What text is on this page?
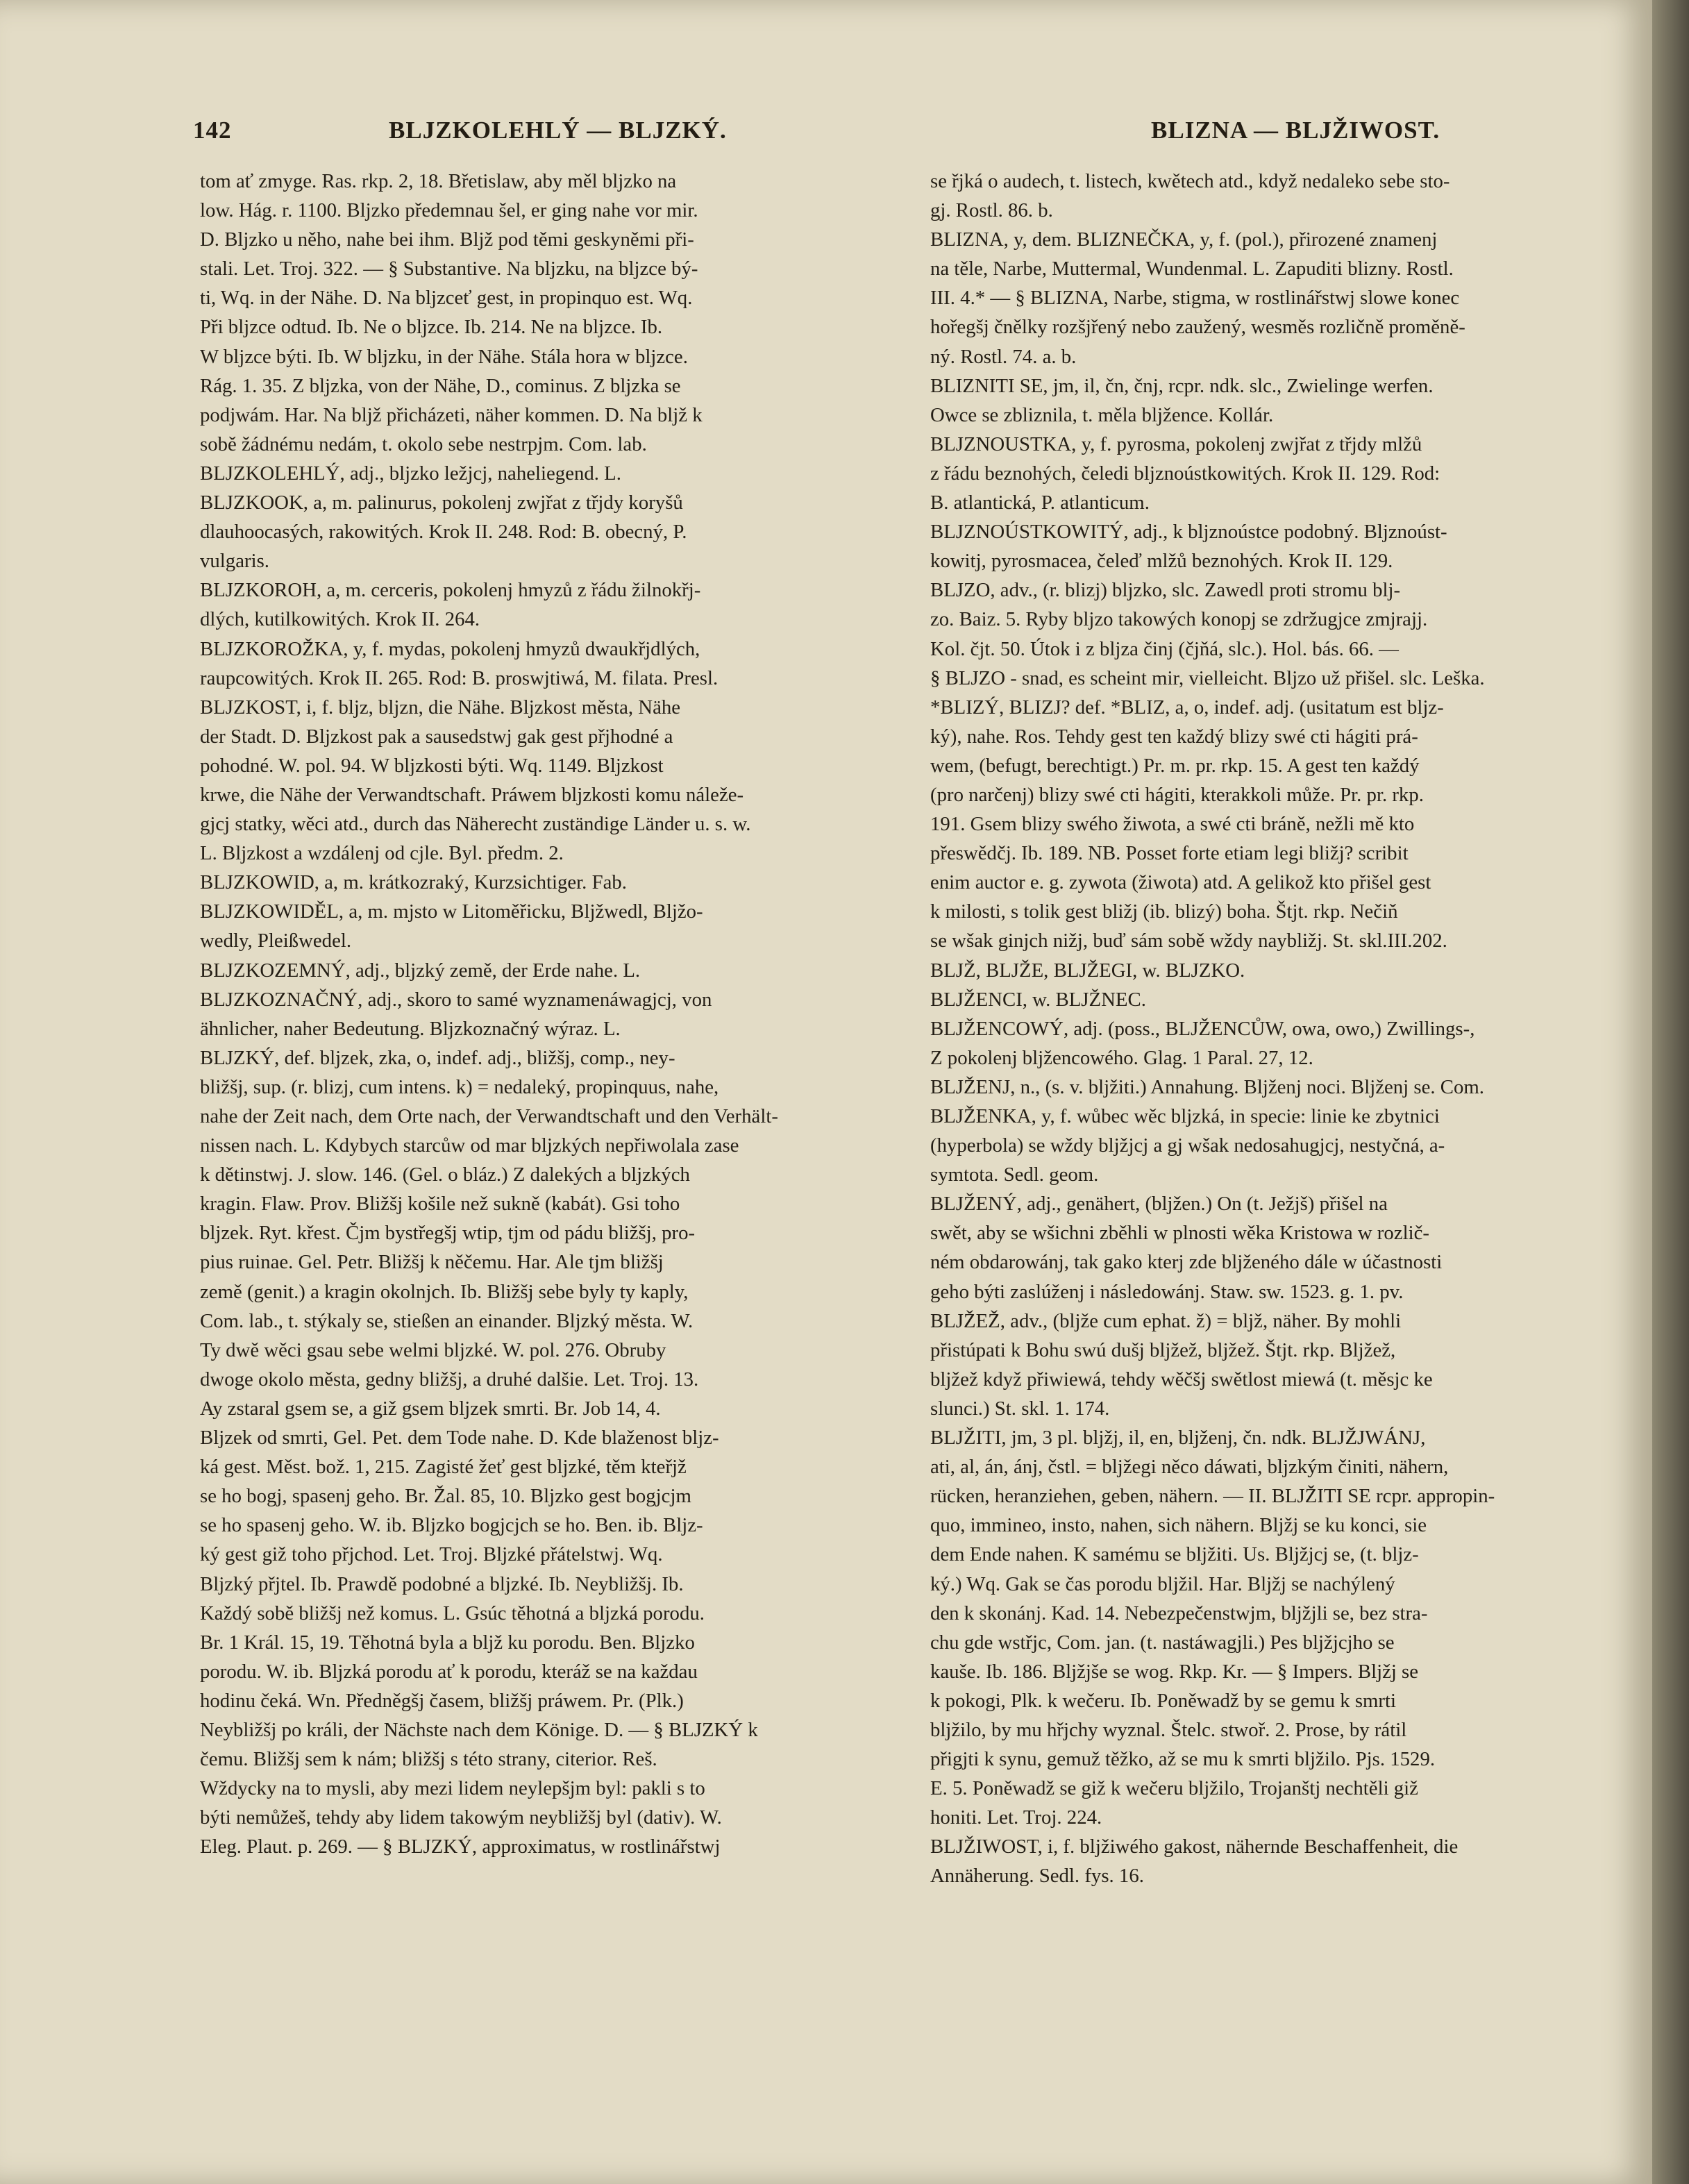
142	BLJZKOLEHLÝ — BLJZKÝ.	BLIZNA — BLJŽIWOST.

tom ať zmyge. Ras. rkp. 2, 18. Břetislaw, aby měl bljzko na

low. Hág. r. 1100. Bljzko předemnau šel, er ging nahe vor mir.

D. Bljzko u něho, nahe bei ihm. Bljž pod těmi geskyněmi při-

stali. Let. Troj. 322. — § Substantive. Na bljzku, na bljzce bý-

ti, Wq. in der Nähe. D. Na bljzceť gest, in propinquo est. Wq.

Při bljzce odtud. Ib. Ne o bljzce. Ib. 214. Ne na bljzce. Ib.

W bljzce býti. Ib. W bljzku, in der Nähe. Stála hora w bljzce.

Rág. 1. 35. Z bljzka, von der Nähe, D., cominus. Z bljzka se

podjwám. Har. Na bljž přicházeti, näher kommen. D. Na bljž k

sobě žádnému nedám, t. okolo sebe nestrpjm. Com. lab.

BLJZKOLEHLÝ, adj., bljzko ležjcj, naheliegend. L.

BLJZKOOK, a, m. palinurus, pokolenj zwjřat z třjdy koryšů

dlauhoocasých, rakowitých. Krok II. 248. Rod: B. obecný, P.

vulgaris.

BLJZKOROH, a, m. cerceris, pokolenj hmyzů z řádu žilnokřj-

dlých, kutilkowitých. Krok II. 264.

BLJZKOROŽKA, y, f. mydas, pokolenj hmyzů dwaukřjdlých,

raupcowitých. Krok II. 265. Rod: B. proswjtiwá, M. filata. Presl.

BLJZKOST, i, f. bljz, bljzn, die Nähe. Bljzkost města, Nähe

der Stadt. D. Bljzkost pak a sausedstwj gak gest přjhodné a

pohodné. W. pol. 94. W bljzkosti býti. Wq. 1149. Bljzkost

krwe, die Nähe der Verwandtschaft. Práwem bljzkosti komu náleže-

gjcj statky, wěci atd., durch das Näherecht zuständige Länder u. s. w.

L. Bljzkost a wzdálenj od cjle. Byl. předm. 2.

BLJZKOWID, a, m. krátkozraký, Kurzsichtiger. Fab.

BLJZKOWIDĚL, a, m. mjsto w Litoměřicku, Bljžwedl, Bljžo-

wedly, Pleißwedel.

BLJZKOZEMNÝ, adj., bljzký země, der Erde nahe. L.

BLJZKOZNAČNÝ, adj., skoro to samé wyznamenáwagjcj, von

ähnlicher, naher Bedeutung. Bljzkoznačný wýraz. L.

BLJZKÝ, def. bljzek, zka, o, indef. adj., bližšj, comp., ney-

bližšj, sup. (r. blizj, cum intens. k) = nedaleký, propinquus, nahe,

nahe der Zeit nach, dem Orte nach, der Verwandtschaft und den Verhält-

nissen nach. L. Kdybych starcůw od mar bljzkých nepřiwolala zase

k dětinstwj. J. slow. 146. (Gel. o bláz.) Z dalekých a bljzkých

kragin. Flaw. Prov. Bližšj košile než sukně (kabát). Gsi toho

bljzek. Ryt. křest. Čjm bystřegšj wtip, tjm od pádu bližšj, pro-

pius ruinae. Gel. Petr. Bližšj k něčemu. Har. Ale tjm bližšj

země (genit.) a kragin okolnjch. Ib. Bližšj sebe byly ty kaply,

Com. lab., t. stýkaly se, stießen an einander. Bljzký města. W.

Ty dwě wěci gsau sebe welmi bljzké. W. pol. 276. Obruby

dwoge okolo města, gedny bližšj, a druhé dalšie. Let. Troj. 13.

Ay zstaral gsem se, a giž gsem bljzek smrti. Br. Job 14, 4.

Bljzek od smrti, Gel. Pet. dem Tode nahe. D. Kde blaženost bljz-

ká gest. Měst. bož. 1, 215. Zagisté žeť gest bljzké, těm kteřjž

se ho bogj, spasenj geho. Br. Žal. 85, 10. Bljzko gest bogjcjm

se ho spasenj geho. W. ib. Bljzko bogjcjch se ho. Ben. ib. Bljz-

ký gest giž toho přjchod. Let. Troj. Bljzké přátelstwj. Wq.

Bljzký přjtel. Ib. Prawdě podobné a bljzké. Ib. Neybližšj. Ib.

Každý sobě bližšj než komus. L. Gsúc těhotná a bljzká porodu.

Br. 1 Král. 15, 19. Těhotná byla a bljž ku porodu. Ben. Bljzko

porodu. W. ib. Bljzká porodu ať k porodu, kteráž se na každau

hodinu čeká. Wn. Předněgšj časem, bližšj práwem. Pr. (Plk.)

Neybližšj po králi, der Nächste nach dem Könige. D. — § BLJZKÝ k

čemu. Bližšj sem k nám; bližšj s této strany, citerior. Reš.

Wždycky na to mysli, aby mezi lidem neylepšjm byl: pakli s to

býti nemůžeš, tehdy aby lidem takowým neybližšj byl (dativ). W.

Eleg. Plaut. p. 269. — § BLJZKÝ, approximatus, w rostlinářstwj

se řjká o audech, t. listech, kwětech atd., když nedaleko sebe sto-

gj. Rostl. 86. b.

BLIZNA, y, dem. BLIZNEČKA, y, f. (pol.), přirozené znamenj

na těle, Narbe, Muttermal, Wundenmal. L. Zapuditi blizny. Rostl.

III. 4.* — § BLIZNA, Narbe, stigma, w rostlinářstwj slowe konec

hořegšj čnělky rozšjřený nebo zaužený, wesměs rozličně proměně-

ný. Rostl. 74. a. b.

BLIZNITI SE, jm, il, čn, čnj, rcpr. ndk. slc., Zwielinge werfen.

Owce se zbliznila, t. měla bljžence. Kollár.

BLJZNOUSTKA, y, f. pyrosma, pokolenj zwjřat z třjdy mlžů

z řádu beznohých, čeledi bljznoústkowitých. Krok II. 129. Rod:

B. atlantická, P. atlanticum.

BLJZNOÚSTKOWITÝ, adj., k bljznoústce podobný. Bljznoúst-

kowitj, pyrosmacea, čeleď mlžů beznohých. Krok II. 129.

BLJZO, adv., (r. blizj) bljzko, slc. Zawedl proti stromu blj-

zo. Baiz. 5. Ryby bljzo takowých konopj se zdržugjce zmjrajj.

Kol. čjt. 50. Útok i z bljza činj (čjňá, slc.). Hol. bás. 66. —

§ BLJZO - snad, es scheint mir, vielleicht. Bljzo už přišel. slc. Leška.

*BLIZÝ, BLIZJ? def. *BLIZ, a, o, indef. adj. (usitatum est bljz-

ký), nahe. Ros. Tehdy gest ten každý blizy swé cti hágiti prá-

wem, (befugt, berechtigt.) Pr. m. pr. rkp. 15. A gest ten každý

(pro narčenj) blizy swé cti hágiti, kterakkoli může. Pr. pr. rkp.

191. Gsem blizy swého žiwota, a swé cti bráně, nežli mě kto

přeswědčj. Ib. 189. NB. Posset forte etiam legi bližj? scribit

enim auctor e. g. zywota (žiwota) atd. A gelikož kto přišel gest

k milosti, s tolik gest bližj (ib. blizý) boha. Štjt. rkp. Nečiň

se wšak ginjch nižj, buď sám sobě wždy naybližj. St. skl.III.202.

BLJŽ, BLJŽE, BLJŽEGI, w. BLJZKO.

BLJŽENCI, w. BLJŽNEC.

BLJŽENCOWÝ, adj. (poss., BLJŽENCŮW, owa, owo,) Zwillings-,

Z pokolenj bljžencowého. Glag. 1 Paral. 27, 12.

BLJŽENJ, n., (s. v. bljžiti.) Annahung. Bljženj noci. Bljženj se. Com.

BLJŽENKA, y, f. wůbec wěc bljzká, in specie: linie ke zbytnici

(hyperbola) se wždy bljžjcj a gj wšak nedosahugjcj, nestyčná, a-

symtota. Sedl. geom.

BLJŽENÝ, adj., genähert, (bljžen.) On (t. Ježjš) přišel na

swět, aby se wšichni zběhli w plnosti wěka Kristowa w rozlič-

ném obdarowánj, tak gako kterj zde bljženého dále w účastnosti

geho býti zaslúženj i následowánj. Staw. sw. 1523. g. 1. pv.

BLJŽEŽ, adv., (bljže cum ephat. ž) = bljž, näher. By mohli

přistúpati k Bohu swú dušj bljžež, bljžež. Štjt. rkp. Bljžež,

bljžež když přiwiewá, tehdy wěčšj swětlost miewá (t. měsjc ke

slunci.) St. skl. 1. 174.

BLJŽITI, jm, 3 pl. bljžj, il, en, bljženj, čn. ndk. BLJŽJWÁNJ,

ati, al, án, ánj, čstl. = bljžegi něco dáwati, bljzkým činiti, nähern,

rücken, heranziehen, geben, nähern. — II. BLJŽITI SE rcpr. appropin-

quo, immineo, insto, nahen, sich nähern. Bljžj se ku konci, sie

dem Ende nahen. K samému se bljžiti. Us. Bljžjcj se, (t. bljz-

ký.) Wq. Gak se čas porodu bljžil. Har. Bljžj se nachýlený

den k skonánj. Kad. 14. Nebezpečenstwjm, bljžjli se, bez stra-

chu gde wstřjc, Com. jan. (t. nastáwagjli.) Pes bljžjcjho se

kauše. Ib. 186. Bljžjše se wog. Rkp. Kr. — § Impers. Bljžj se

k pokogi, Plk. k wečeru. Ib. Poněwadž by se gemu k smrti

bljžilo, by mu hřjchy wyznal. Štelc. stwoř. 2. Prose, by rátil

přigjti k synu, gemuž těžko, až se mu k smrti bljžilo. Pjs. 1529.

E. 5. Poněwadž se giž k wečeru bljžilo, Trojanštj nechtěli giž

honiti. Let. Troj. 224.

BLJŽIWOST, i, f. bljžiwého gakost, nähernde Beschaffenheit, die

Annäherung. Sedl. fys. 16.
